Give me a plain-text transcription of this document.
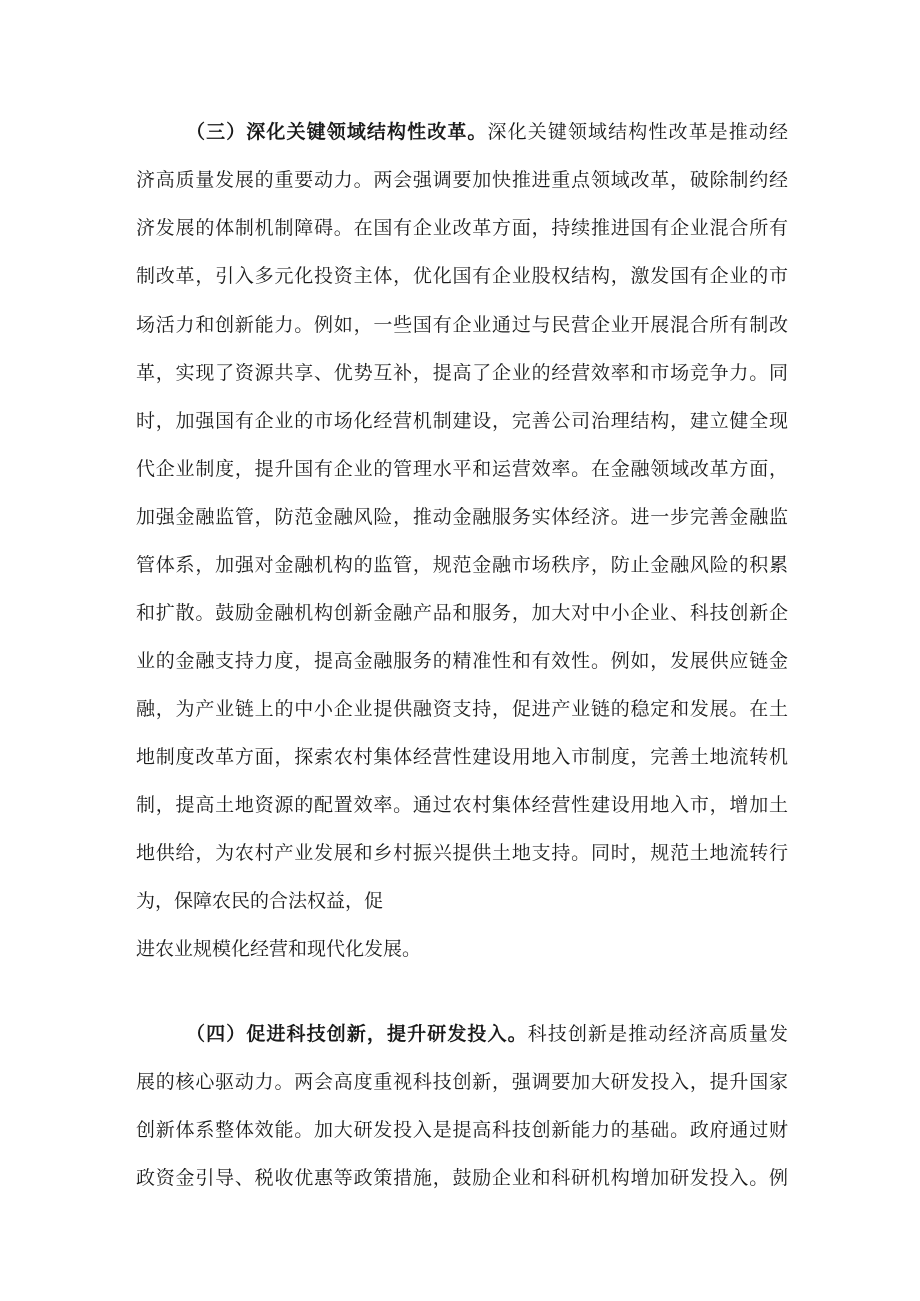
（三）深化关键领域结构性改革。深化关键领域结构性改革是推动经
济高质量发展的重要动力。两会强调要加快推进重点领域改革，破除制约经
济发展的体制机制障碍。在国有企业改革方面，持续推进国有企业混合所有
制改革，引入多元化投资主体，优化国有企业股权结构，激发国有企业的市
场活力和创新能力。例如，一些国有企业通过与民营企业开展混合所有制改
革，实现了资源共享、优势互补，提高了企业的经营效率和市场竞争力。同
时，加强国有企业的市场化经营机制建设，完善公司治理结构，建立健全现
代企业制度，提升国有企业的管理水平和运营效率。在金融领域改革方面，
加强金融监管，防范金融风险，推动金融服务实体经济。进一步完善金融监
管体系，加强对金融机构的监管，规范金融市场秩序，防止金融风险的积累
和扩散。鼓励金融机构创新金融产品和服务，加大对中小企业、科技创新企
业的金融支持力度，提高金融服务的精准性和有效性。例如，发展供应链金
融，为产业链上的中小企业提供融资支持，促进产业链的稳定和发展。在土
地制度改革方面，探索农村集体经营性建设用地入市制度，完善土地流转机
制，提高土地资源的配置效率。通过农村集体经营性建设用地入市，增加土
地供给，为农村产业发展和乡村振兴提供土地支持。同时，规范土地流转行
为，保障农民的合法权益，促
进农业规模化经营和现代化发展。
（四）促进科技创新，提升研发投入。科技创新是推动经济高质量发
展的核心驱动力。两会高度重视科技创新，强调要加大研发投入，提升国家
创新体系整体效能。加大研发投入是提高科技创新能力的基础。政府通过财
政资金引导、税收优惠等政策措施，鼓励企业和科研机构增加研发投入。例
